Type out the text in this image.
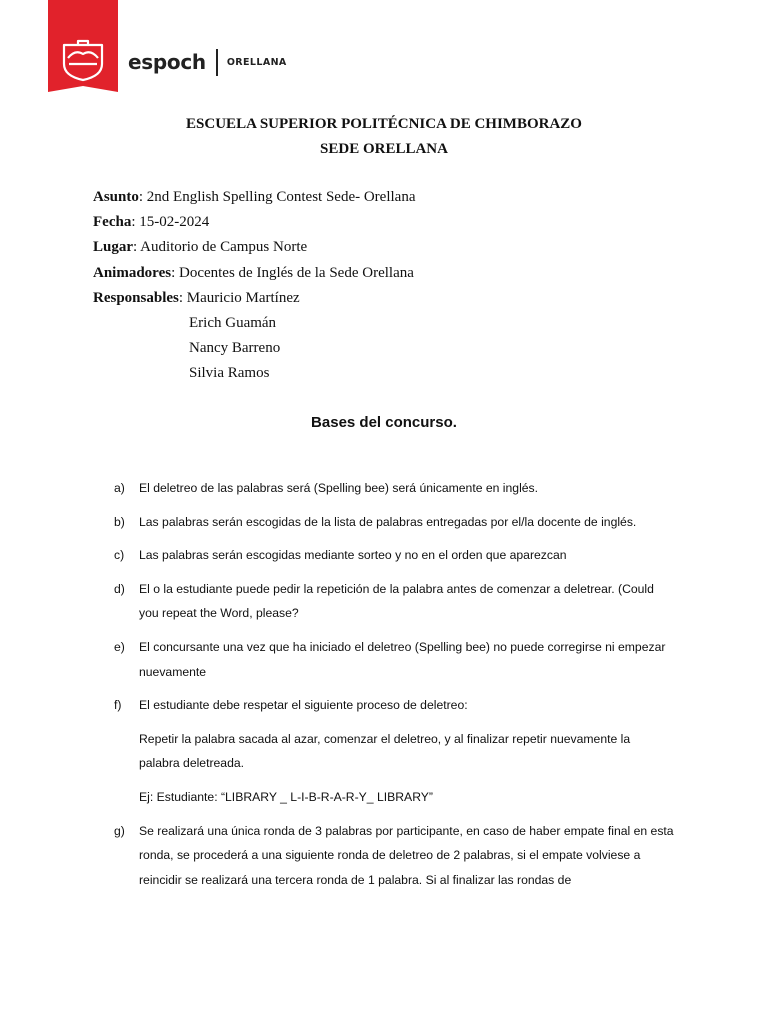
espoch ORELLANA
ESCUELA SUPERIOR POLITÉCNICA DE CHIMBORAZO
SEDE ORELLANA
Asunto: 2nd English Spelling Contest Sede- Orellana
Fecha: 15-02-2024
Lugar: Auditorio de Campus Norte
Animadores: Docentes de Inglés de la Sede Orellana
Responsables: Mauricio Martínez
Erich Guamán
Nancy Barreno
Silvia Ramos
Bases del concurso.
a) El deletreo de las palabras será (Spelling bee) será únicamente en inglés.

b) Las palabras serán escogidas de la lista de palabras entregadas por el/la docente de inglés.

c) Las palabras serán escogidas mediante sorteo y no en el orden que aparezcan

d) El o la estudiante puede pedir la repetición de la palabra antes de comenzar a deletrear. (Could you repeat the Word, please?

e) El concursante una vez que ha iniciado el deletreo (Spelling bee) no puede corregirse ni empezar nuevamente

f) El estudiante debe respetar el siguiente proceso de deletreo:

Repetir la palabra sacada al azar, comenzar el deletreo, y al finalizar repetir nuevamente la palabra deletreada.

Ej: Estudiante: “LIBRARY _ L-I-B-R-A-R-Y_ LIBRARY”

g) Se realizará una única ronda de 3 palabras por participante, en caso de haber empate final en esta ronda, se procederá a una siguiente ronda de deletreo de 2 palabras, si el empate volviese a reincidir se realizará una tercera ronda de 1 palabra. Si al finalizar las rondas de
